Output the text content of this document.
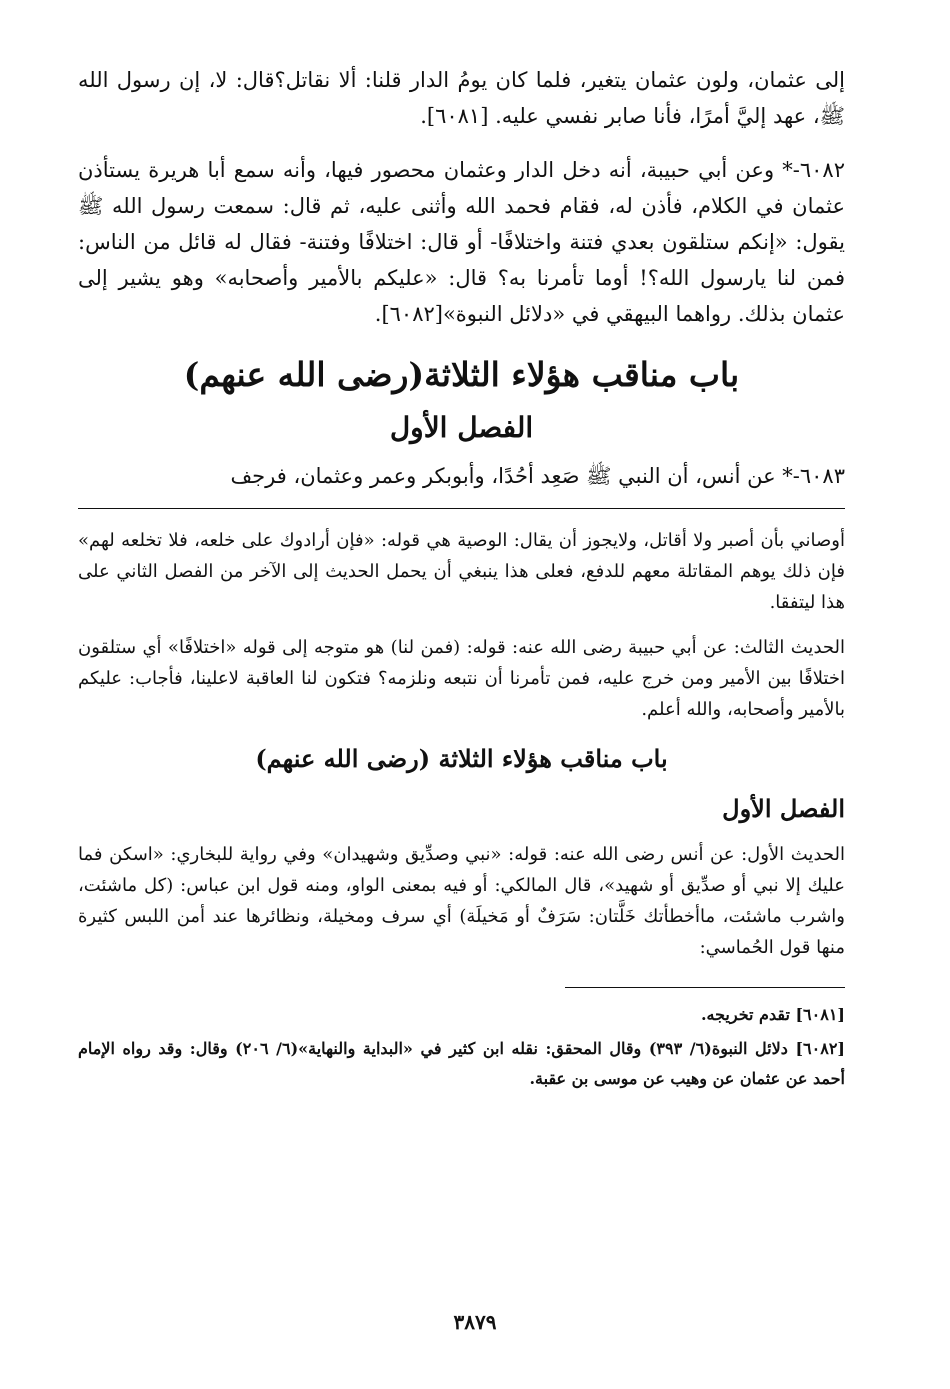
إلى عثمان، ولون عثمان يتغير، فلما كان يومُ الدار قلنا: ألا نقاتل؟قال: لا، إن رسول الله ﷺ، عهد إليَّ أمرًا، فأنا صابر نفسي عليه. [٦٠٨١].

٦٠٨٢-* وعن أبي حبيبة، أنه دخل الدار وعثمان محصور فيها، وأنه سمع أبا هريرة يستأذن عثمان في الكلام، فأذن له، فقام فحمد الله وأثنى عليه، ثم قال: سمعت رسول الله ﷺ يقول: «إنكم ستلقون بعدي فتنة واختلافًا- أو قال: اختلافًا وفتنة- فقال له قائل من الناس: فمن لنا يارسول الله؟! أوما تأمرنا به؟ قال: «عليكم بالأمير وأصحابه» وهو يشير إلى عثمان بذلك. رواهما البيهقي في «دلائل النبوة»[٦٠٨٢].

باب مناقب هؤلاء الثلاثة(رضى الله عنهم)
الفصل الأول

٦٠٨٣-* عن أنس، أن النبي ﷺ صَعِد أحُدًا، وأبوبكر وعمر وعثمان، فرجف

أوصاني بأن أصبر ولا أقاتل، ولايجوز أن يقال: الوصية هي قوله: «فإن أرادوك على خلعه، فلا تخلعه لهم» فإن ذلك يوهم المقاتلة معهم للدفع، فعلى هذا ينبغي أن يحمل الحديث إلى الآخر من الفصل الثاني على هذا ليتفقا.

الحديث الثالث: عن أبي حبيبة رضى الله عنه: قوله: (فمن لنا) هو متوجه إلى قوله «اختلافًا» أي ستلقون اختلافًا بين الأمير ومن خرج عليه، فمن تأمرنا أن نتبعه ونلزمه؟ فتكون لنا العاقبة لاعلينا، فأجاب: عليكم بالأمير وأصحابه، والله أعلم.

باب مناقب هؤلاء الثلاثة (رضى الله عنهم)
الفصل الأول

الحديث الأول: عن أنس رضى الله عنه: قوله: «نبي وصدِّيق وشهيدان» وفي رواية للبخاري: «اسكن فما عليك إلا نبي أو صدِّيق أو شهيد»، قال المالكي: أو فيه بمعنى الواو، ومنه قول ابن عباس: (كل ماشئت، واشرب ماشئت، ماأخطأتك خَلَّتان: سَرَفٌ أو مَخيلَة) أي سرف ومخيلة، ونظائرها عند أمن اللبس كثيرة منها قول الحُماسي:

[٦٠٨١] تقدم تخريجه.

[٦٠٨٢] دلائل النبوة(٦/ ٣٩٣) وقال المحقق: نقله ابن كثير في «البداية والنهاية»(٦/ ٢٠٦) وقال: وقد رواه الإمام أحمد عن عثمان عن وهيب عن موسى بن عقبة.

٣٨٧٩
